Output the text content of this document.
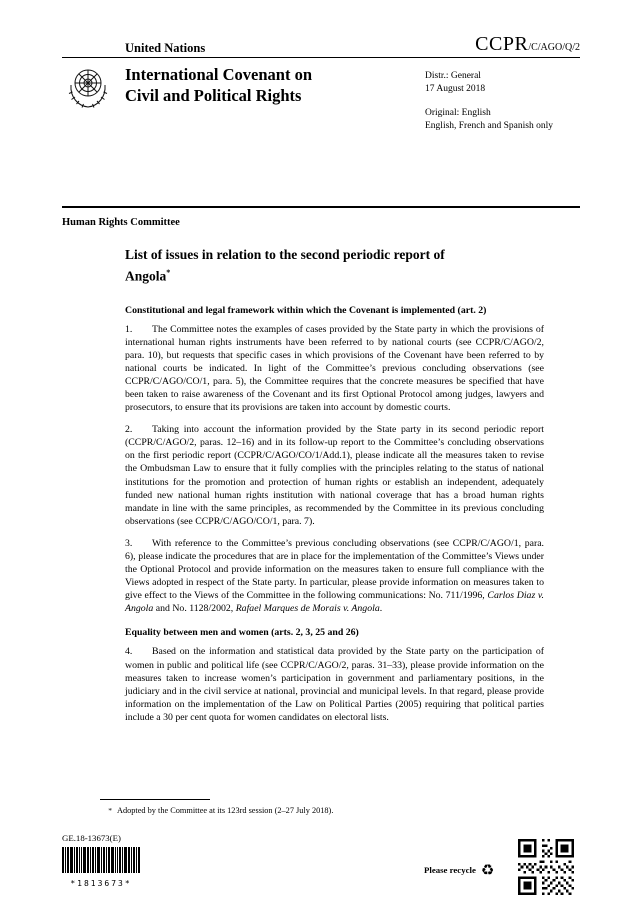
United Nations	CCPR/C/AGO/Q/2
International Covenant on
Civil and Political Rights
Distr.: General
17 August 2018
Original: English
English, French and Spanish only
Human Rights Committee
List of issues in relation to the second periodic report of
Angola*
Constitutional and legal framework within which the Covenant is implemented (art. 2)

1. The Committee notes the examples of cases provided by the State party in which the provisions of international human rights instruments have been referred to by national courts (see CCPR/C/AGO/2, para. 10), but requests that specific cases in which provisions of the Covenant have been referred to by national courts be indicated. In light of the Committee’s previous concluding observations (see CCPR/C/AGO/CO/1, para. 5), the Committee requires that the concrete measures be specified that have been taken to raise awareness of the Covenant and its first Optional Protocol among judges, lawyers and prosecutors, to ensure that its provisions are taken into account by domestic courts.

2. Taking into account the information provided by the State party in its second periodic report (CCPR/C/AGO/2, paras. 12–16) and in its follow-up report to the Committee’s concluding observations on the first periodic report (CCPR/C/AGO/CO/1/Add.1), please indicate all the measures taken to revise the Ombudsman Law to ensure that it fully complies with the principles relating to the status of national institutions for the promotion and protection of human rights or establish an independent, adequately funded new national human rights institution with national coverage that has a broad human rights mandate in line with the same principles, as recommended by the Committee in its previous concluding observations (see CCPR/C/AGO/CO/1, para. 7).

3. With reference to the Committee’s previous concluding observations (see CCPR/C/AGO/1, para. 6), please indicate the procedures that are in place for the implementation of the Committee’s Views under the Optional Protocol and provide information on the measures taken to ensure full compliance with the Views adopted in respect of the State party. In particular, please provide information on measures taken to give effect to the Views of the Committee in the following communications: No. 711/1996, Carlos Diaz v. Angola and No. 1128/2002, Rafael Marques de Morais v. Angola.

Equality between men and women (arts. 2, 3, 25 and 26)

4. Based on the information and statistical data provided by the State party on the participation of women in public and political life (see CCPR/C/AGO/2, paras. 31–33), please provide information on the measures taken to increase women’s participation in government and parliamentary positions, in the judiciary and in the civil service at national, provincial and municipal levels. In that regard, please provide information on the implementation of the Law on Political Parties (2005) requiring that political parties include a 30 per cent quota for women candidates on electoral lists.

* Adopted by the Committee at its 123rd session (2–27 July 2018).
GE.18-13673(E)
*1813673*
Please recycle ♻
